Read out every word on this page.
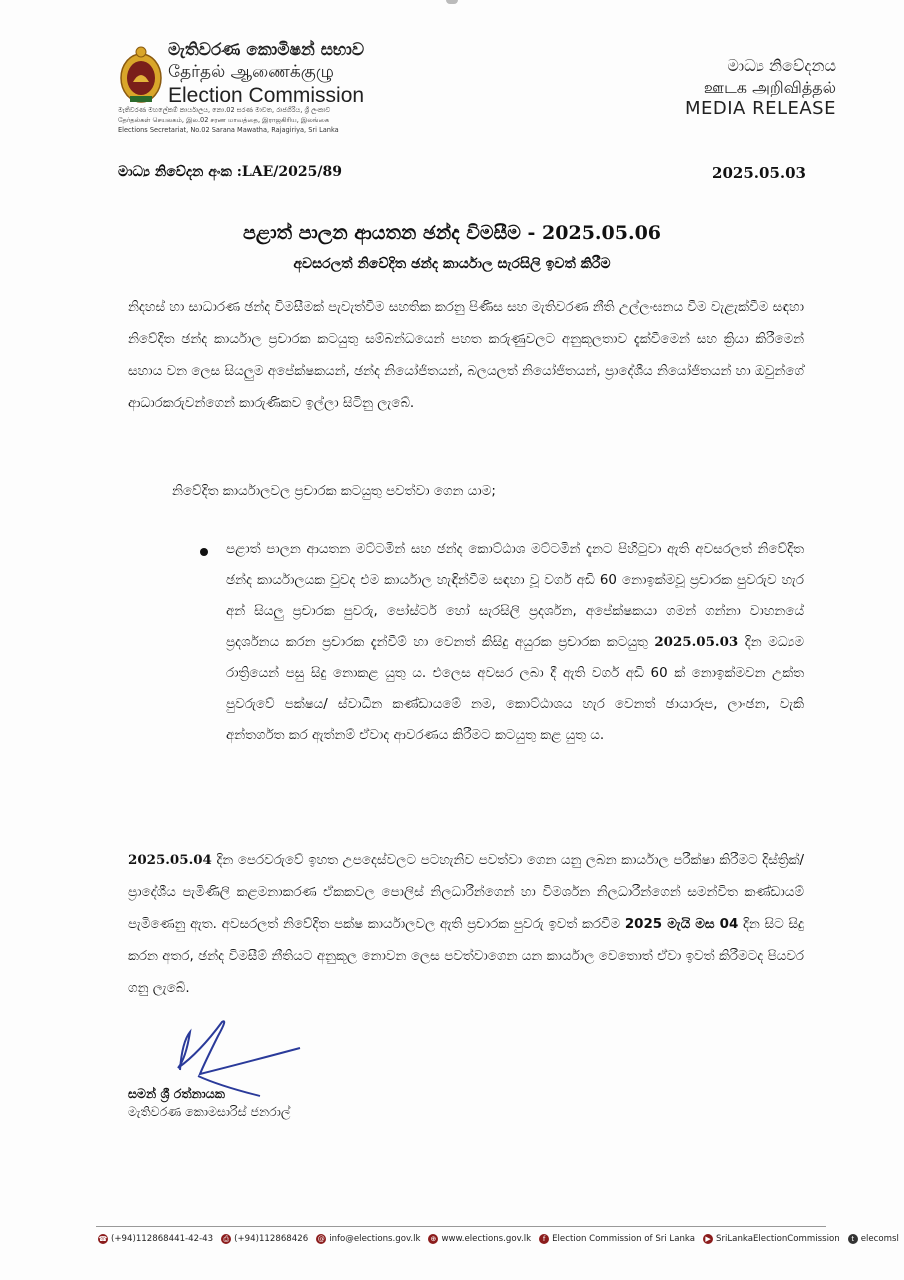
මැතිවරණ කොමිෂන් සභාව
தேர்தல் ஆணைக்குழு
Election Commission
මැතිවරණ මහලේකම් කාර්යාලය, නො.02 සරණ මාවත, රාජගිරිය, ශ්‍රී ලංකාව
தேர்தல்கள் செயலகம், இல.02 சரண மாவத்தை, இராஜகிரிய, இலங்கை
Elections Secretariat, No.02 Sarana Mawatha, Rajagiriya, Sri Lanka
මාධ්‍ය නිවේදනය
ஊடக அறிவித்தல்
MEDIA RELEASE
මාධ්‍ය නිවේදන අංක :LAE/2025/89	2025.05.03
පළාත් පාලන ආයතන ඡන්ද විමසීම - 2025.05.06
අවසරලත් නිවේදිත ඡන්ද කාර්යාල සැරසිලි ඉවත් කිරීම
නිදහස් හා සාධාරණ ඡන්ද විමසීමක් පැවැත්වීම සහතික කරනු පිණිස සහ මැතිවරණ නීති උල්ලංඝනය වීම වැළැක්වීම සඳහා නිවේදිත ඡන්ද කාර්යාල ප්‍රචාරක කටයුතු සම්බන්ධයෙන් පහත කරුණුවලට අනුකූලතාව දැක්වීමෙන් සහ ක්‍රියා කිරීමෙන් සහාය වන ලෙස සියලුම අපේක්ෂකයන්, ඡන්ද නියෝජිතයන්, බලයලත් නියෝජිතයන්, ප්‍රාදේශීය නියෝජිතයන් හා ඔවුන්ගේ ආධාරකරුවන්ගෙන් කාරුණිකව ඉල්ලා සිටිනු ලැබේ.
නිවේදිත කාර්යාලවල ප්‍රචාරක කටයුතු පවත්වා ගෙන යාම;
පළාත් පාලන ආයතන මට්ටමින් සහ ඡන්ද කොට්ඨාශ මට්ටමින් දැනට පිහිටුවා ඇති අවසරලත් නිවේදිත ඡන්ද කාර්යාලයක වුවද එම කාර්යාල හැඳින්වීම සඳහා වූ වර්ග අඩි 60 නොඉක්මවූ ප්‍රචාරක පුවරුව හැර අන් සියලු ප්‍රචාරක පුවරු, පෝස්ටර් හෝ සැරසිලි ප්‍රදර්ශන, අපේක්ෂකයා ගමන් ගන්නා වාහනයේ ප්‍රදර්ශනය කරන ප්‍රචාරක දැන්වීම් හා වෙනත් කිසිදු අයුරක ප්‍රචාරක කටයුතු 2025.05.03 දින මධ්‍යම රාත්‍රියෙන් පසු සිදු නොකළ යුතු ය. එලෙස අවසර ලබා දී ඇති වර්ග අඩි 60 ක් නොඉක්මවන උක්ත පුවරුවේ පක්ෂය/ ස්වාධීන කණ්ඩායමේ නම, කොට්ඨාශය හැර වෙනත් ඡායාරූප, ලාංඡන, වැකි අන්තර්ගත කර ඇත්නම් ඒවාද ආවරණය කිරීමට කටයුතු කළ යුතු ය.
2025.05.04 දින පෙරවරුවේ ඉහත උපදෙස්වලට පටහැනිව පවත්වා ගෙන යනු ලබන කාර්යාල පරීක්ෂා කිරීමට දිස්ත්‍රික්/ ප්‍රාදේශීය පැමිණිලි කළමනාකරණ ඒකකවල පොලිස් නිලධාරීන්ගෙන් හා විමර්ශන නිලධාරීන්ගෙන් සමන්විත කණ්ඩායම් පැමිණෙනු ඇත. අවසරලත් නිවේදිත පක්ෂ කාර්යාලවල ඇති ප්‍රචාරක පුවරු ඉවත් කරවීම 2025 මැයි මස 04 දින සිට සිදු කරන අතර, ඡන්ද විමසීම් නීතියට අනුකූල නොවන ලෙස පවත්වාගෙන යන කාර්යාල වෙතොත් ඒවා ඉවත් කිරීමටද පියවර ගනු ලැබේ.
සමන් ශ්‍රී රත්නායක
මැතිවරණ කොමසාරිස් ජනරාල්
☎ (+94)112868441-42-43	⎙ (+94)112868426 @ info@elections.gov.lk ⊕ www.elections.gov.lk	f Election Commission of Sri Lanka	▶ SriLankaElectionCommission	t elecomsl
